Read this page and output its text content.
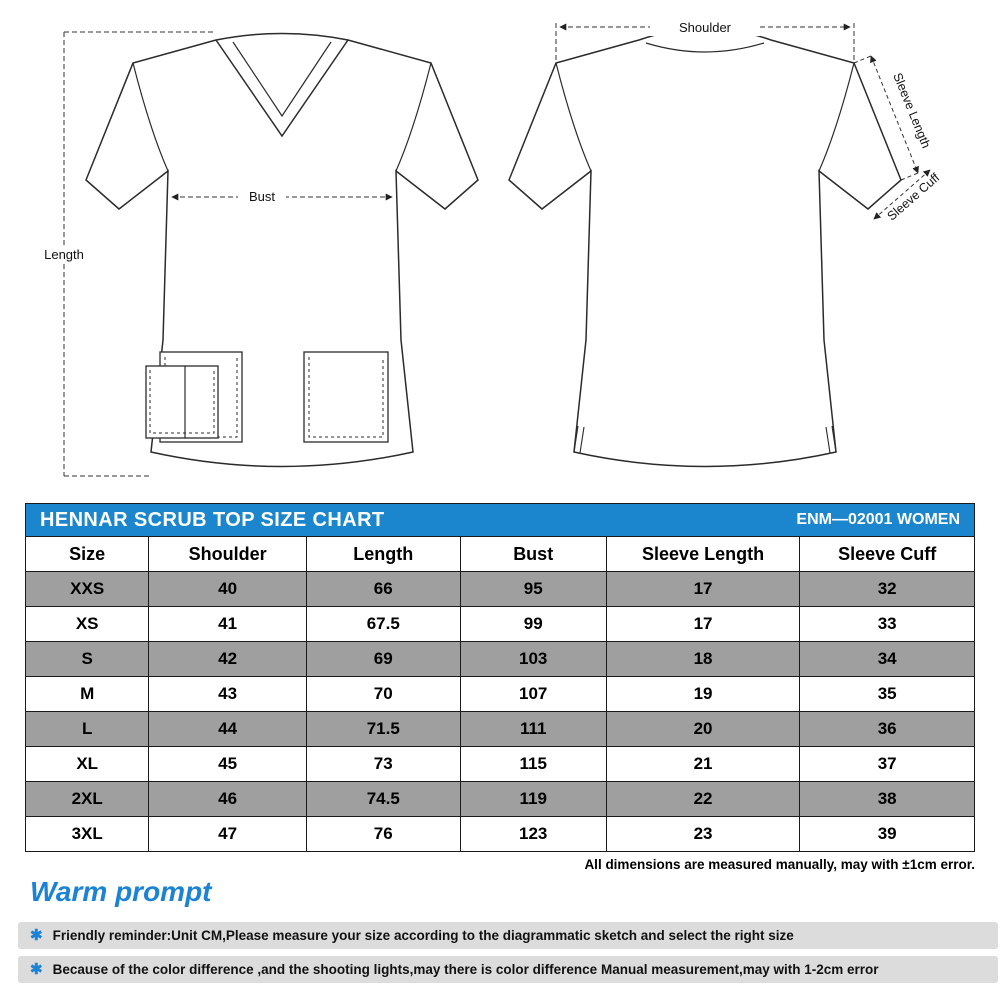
Length
Bust
Shoulder
Sleeve Length
Sleeve Cuff
HENNAR SCRUB TOP SIZE CHART	ENM—02001 WOMEN
Size	Shoulder	Length	Bust	Sleeve Length	Sleeve Cuff
XXS	40	66	95	17	32
XS	41	67.5	99	17	33
S	42	69	103	18	34
M	43	70	107	19	35
L	44	71.5	111	20	36
XL	45	73	115	21	37
2XL	46	74.5	119	22	38
3XL	47	76	123	23	39
All dimensions are measured manually, may with ±1cm error.
Warm prompt
✱ Friendly reminder:Unit CM,Please measure your size according to the diagrammatic sketch and select the right size
✱ Because of the color difference ,and the shooting lights,may there is color difference Manual measurement,may with 1-2cm error
